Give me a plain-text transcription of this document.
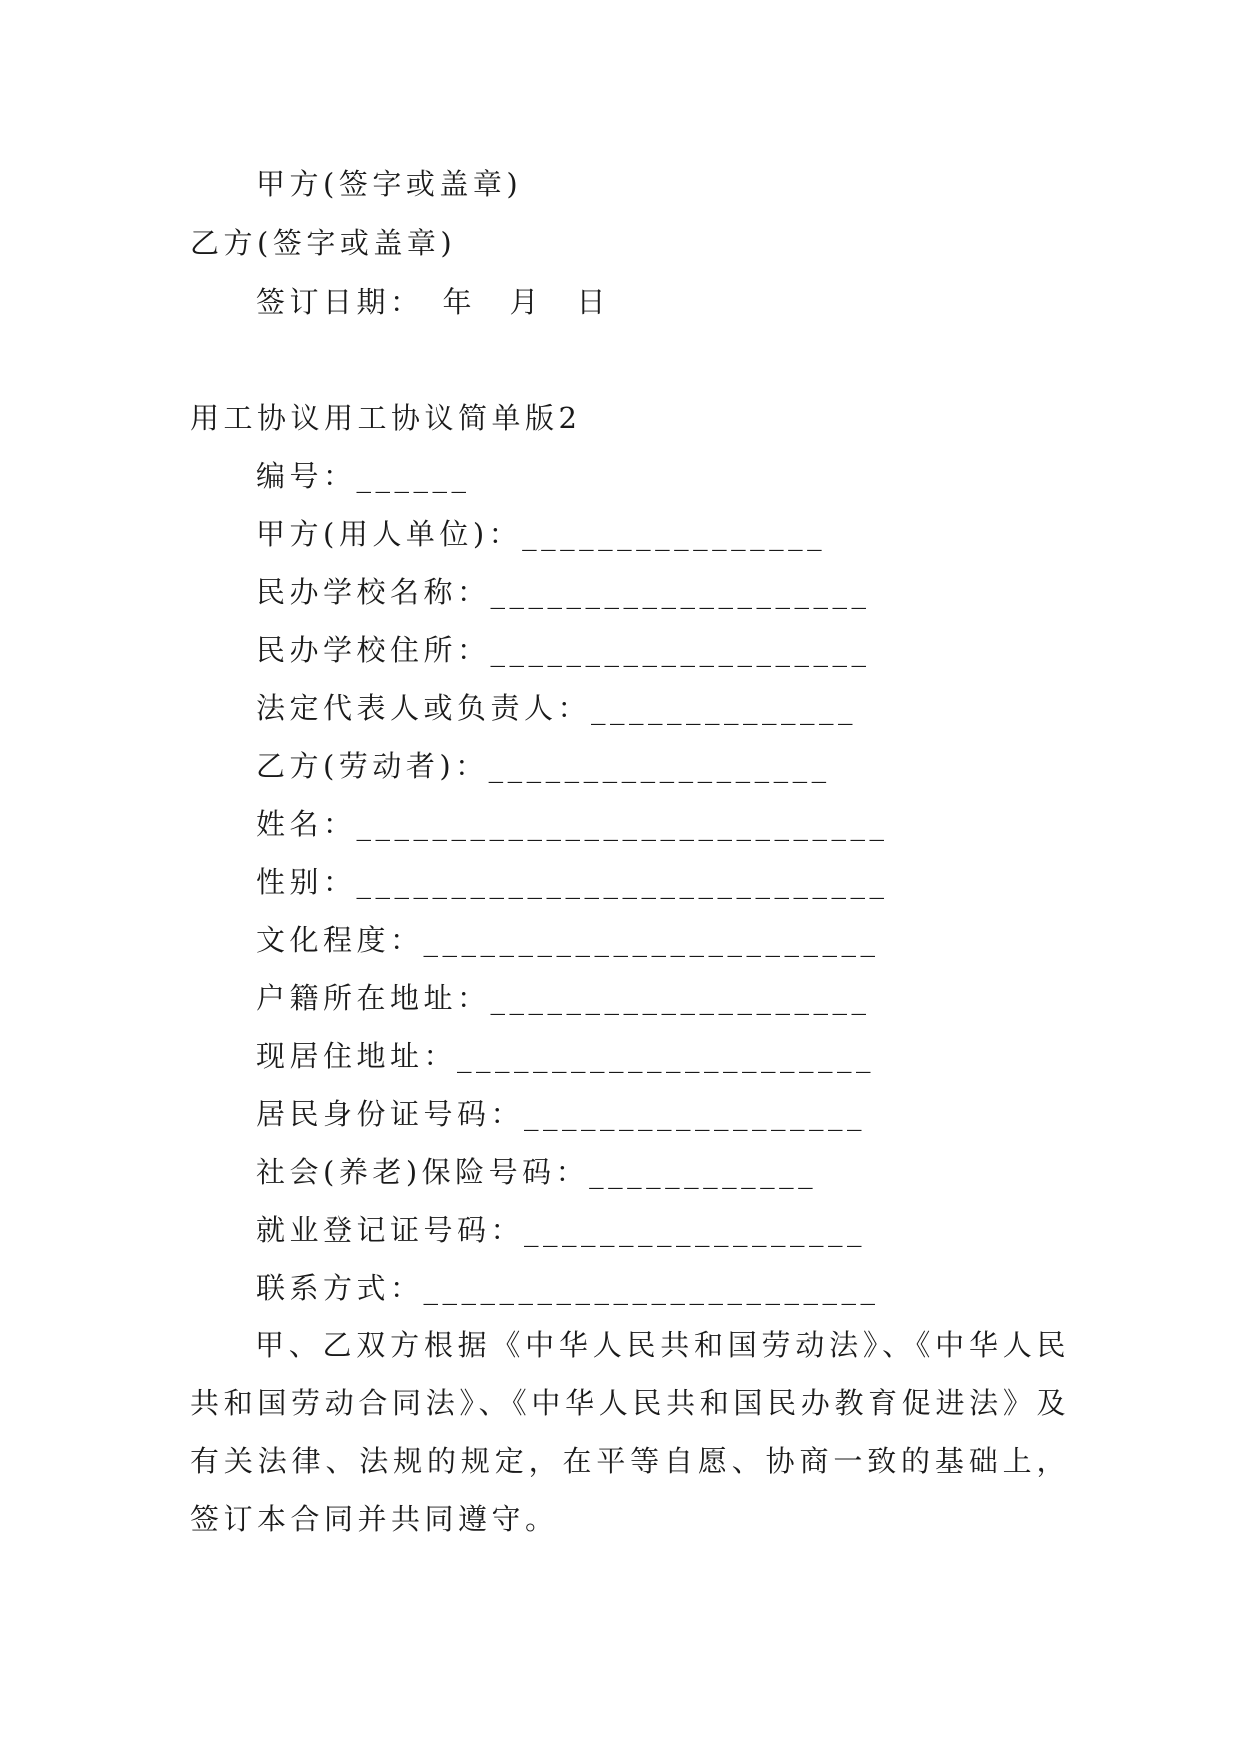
甲方(签字或盖章)
乙方(签字或盖章)
签订日期：　年　月　日
用工协议用工协议简单版2
编号：______
甲方(用人单位)：________________
民办学校名称：____________________
民办学校住所：____________________
法定代表人或负责人：______________
乙方(劳动者)：__________________
姓名：____________________________
性别：____________________________
文化程度：________________________
户籍所在地址：____________________
现居住地址：______________________
居民身份证号码：__________________
社会(养老)保险号码：____________
就业登记证号码：__________________
联系方式：________________________
甲、乙双方根据《中华人民共和国劳动法》、《中华人民共和国劳动合同法》、《中华人民共和国民办教育促进法》及有关法律、法规的规定，在平等自愿、协商一致的基础上，签订本合同并共同遵守。
